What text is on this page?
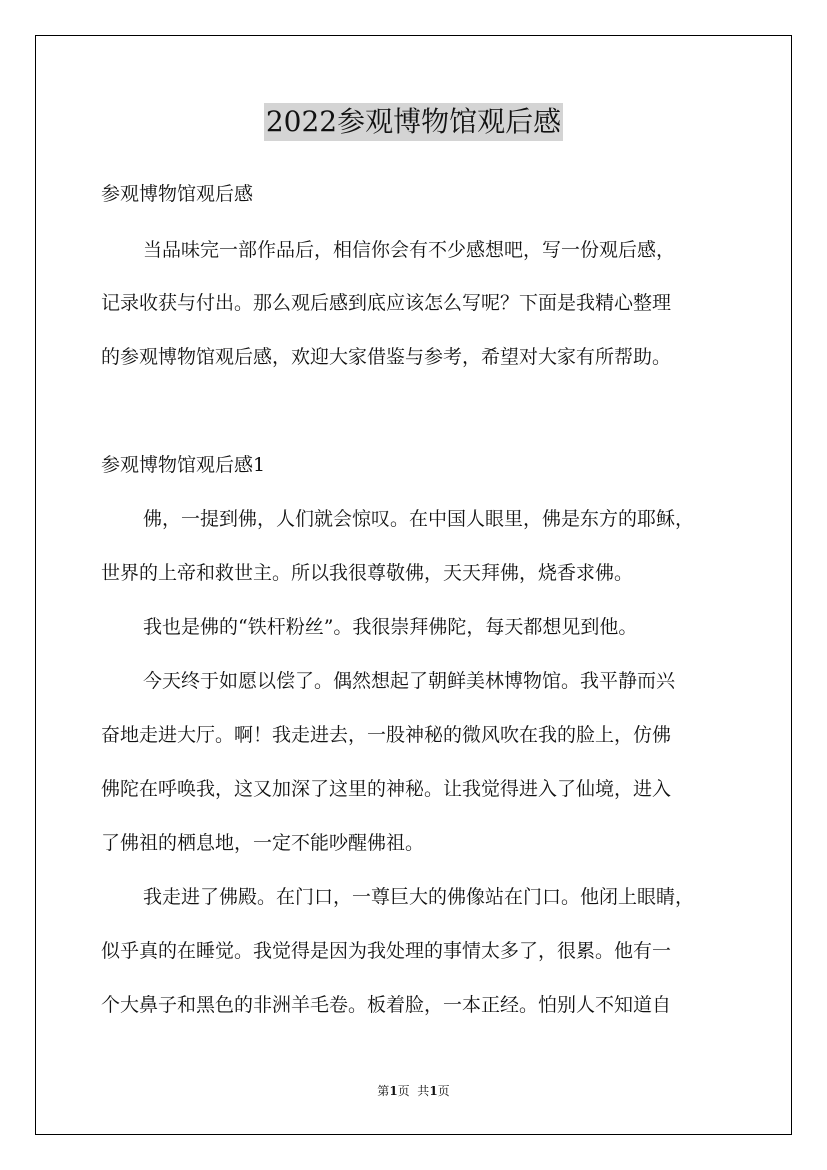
2022参观博物馆观后感
参观博物馆观后感
当品味完一部作品后，相信你会有不少感想吧，写一份观后感，
记录收获与付出。那么观后感到底应该怎么写呢？下面是我精心整理
的参观博物馆观后感，欢迎大家借鉴与参考，希望对大家有所帮助。
参观博物馆观后感1
佛，一提到佛，人们就会惊叹。在中国人眼里，佛是东方的耶稣，
世界的上帝和救世主。所以我很尊敬佛，天天拜佛，烧香求佛。
我也是佛的“铁杆粉丝”。我很崇拜佛陀，每天都想见到他。
今天终于如愿以偿了。偶然想起了朝鲜美林博物馆。我平静而兴
奋地走进大厅。啊！我走进去，一股神秘的微风吹在我的脸上，仿佛
佛陀在呼唤我，这又加深了这里的神秘。让我觉得进入了仙境，进入
了佛祖的栖息地，一定不能吵醒佛祖。
我走进了佛殿。在门口，一尊巨大的佛像站在门口。他闭上眼睛，
似乎真的在睡觉。我觉得是因为我处理的事情太多了，很累。他有一
个大鼻子和黑色的非洲羊毛卷。板着脸，一本正经。怕别人不知道自
第1页  共1页
